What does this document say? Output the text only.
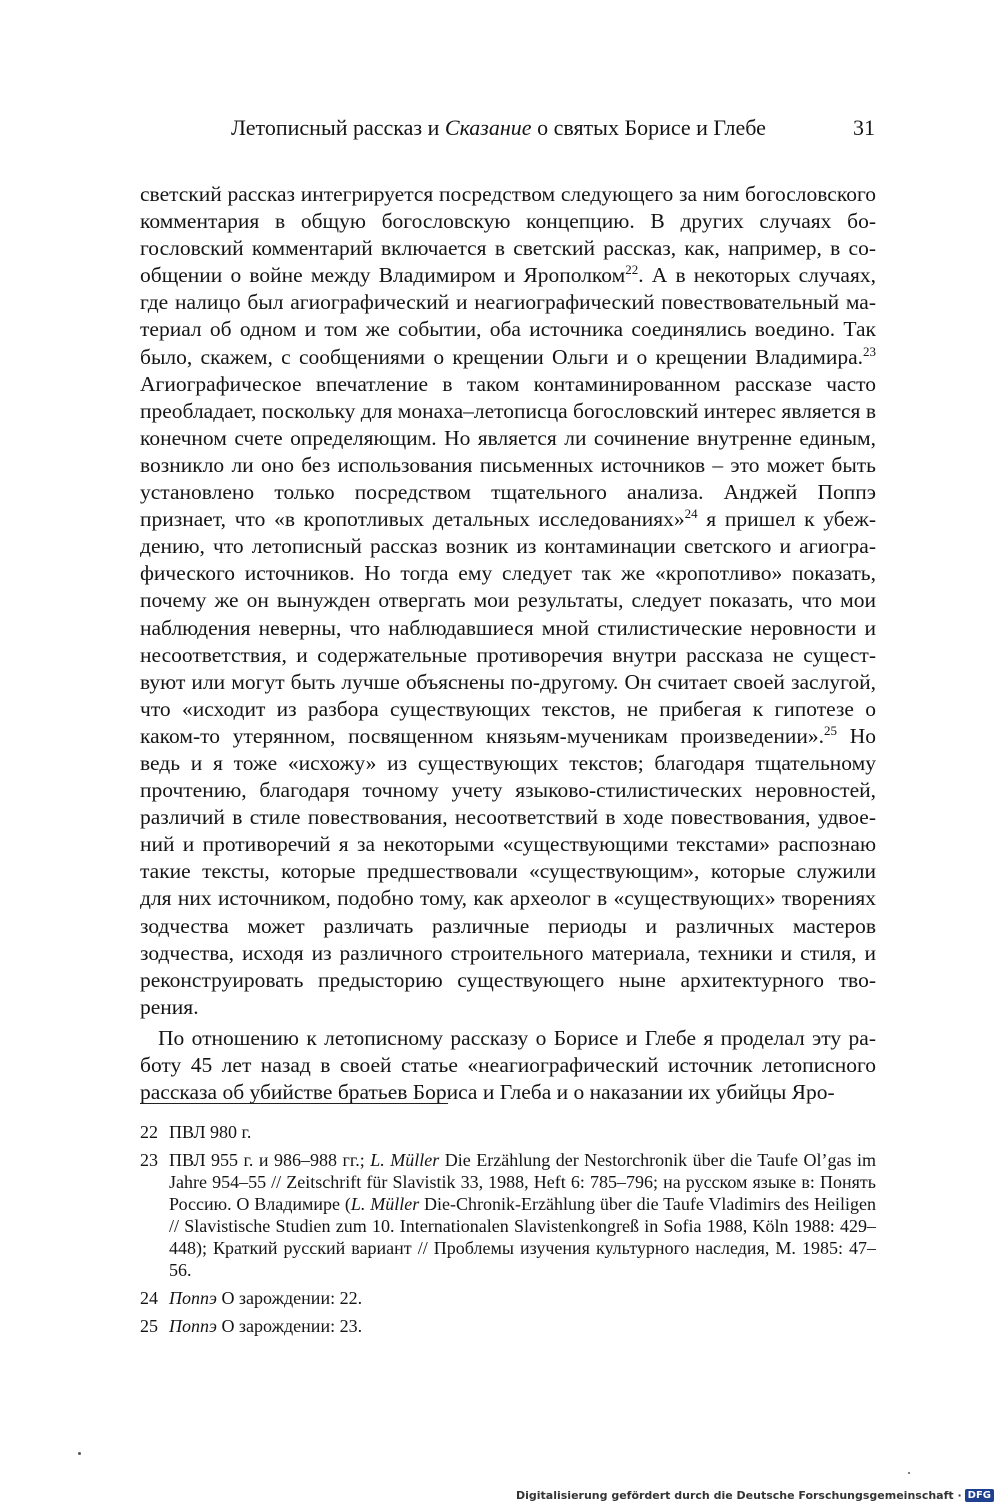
Летописный рассказ и Сказание о святых Борисе и Глебе	31

светский рассказ интегрируется посредством следующего за ним богословского комментария в общую богословскую концепцию. В других случаях богословский комментарий включается в светский рассказ, как, например, в сообщении о войне между Владимиром и Ярополком$^{22}$. А в некоторых случаях, где налицо был агиографический и неагиографический повествовательный материал об одном и том же событии, оба источника соединялись воедино. Так было, скажем, с сообщениями о крещении Ольги и о крещении Владимира.$^{23}$ Агиографическое впечатление в таком контаминированном рассказе часто преобладает, поскольку для монаха–летописца богословский интерес является в конечном счете определяющим. Но является ли сочинение внутренне единым, возникло ли оно без использования письменных источников – это может быть установлено только посредством тщательного анализа. Анджей Поппэ признает, что «в кропотливых детальных исследованиях»$^{24}$ я пришел к убеждению, что летописный рассказ возник из контаминации светского и агиографического источников. Но тогда ему следует так же «кропотливо» показать, почему же он вынужден отвергать мои результаты, следует показать, что мои наблюдения неверны, что наблюдавшиеся мной стилистические неровности и несоответствия, и содержательные противоречия внутри рассказа не существуют или могут быть лучше объяснены по-другому. Он считает своей заслугой, что «исходит из разбора существующих текстов, не прибегая к гипотезе о каком-то утерянном, посвященном князьям-мученикам произведении».$^{25}$ Но ведь и я тоже «исхожу» из существующих текстов; благодаря тщательному прочтению, благодаря точному учету языково-стилистических неровностей, различий в стиле повествования, несоответствий в ходе повествования, удвоений и противоречий я за некоторыми «существующими текстами» распознаю такие тексты, которые предшествовали «существующим», которые служили для них источником, подобно тому, как археолог в «существующих» творениях зодчества может различать различные периоды и различных мастеров зодчества, исходя из различного строительного материала, техники и стиля, и реконструировать предысторию существующего ныне архитектурного творения.

По отношению к летописному рассказу о Борисе и Глебе я проделал эту работу 45 лет назад в своей статье «неагиографический источник летописного рассказа об убийстве братьев Бориса и Глеба и о наказании их убийцы Яро-

22 ПВЛ 980 г.
23 ПВЛ 955 г. и 986–988 гг.; L. Müller Die Erzählung der Nestorchronik über die Taufe Ol’gas im Jahre 954–55 // Zeitschrift für Slavistik 33, 1988, Heft 6: 785–796; на русском языке в: Понять Россию. О Владимире (L. Müller Die-Chronik-Erzählung über die Taufe Vladimirs des Heiligen // Slavistische Studien zum 10. Internationalen Slavistenkongreß in Sofia 1988, Köln 1988: 429–448); Краткий русский вариант // Проблемы изучения культурного наследия, М. 1985: 47–56.
24 Поппэ О зарождении: 22.
25 Поппэ О зарождении: 23.
Digitalisierung gefördert durch die Deutsche Forschungsgemeinschaft · DFG
